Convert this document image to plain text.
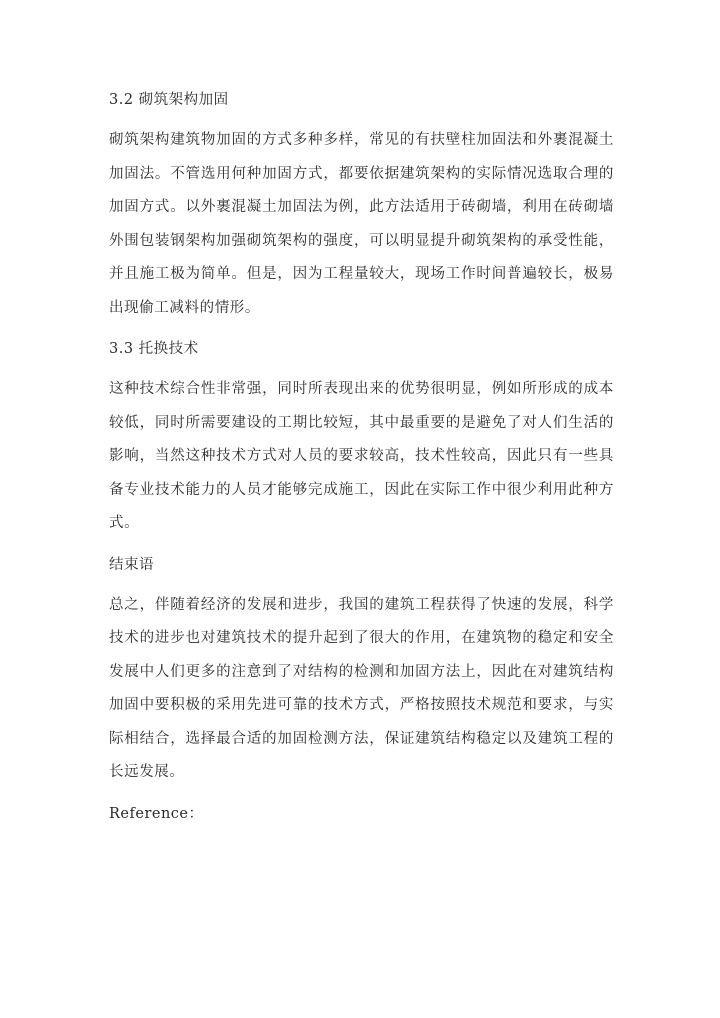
3.2 砌筑架构加固
砌筑架构建筑物加固的方式多种多样，常见的有扶壁柱加固法和外裹混凝土加固法。不管选用何种加固方式，都要依据建筑架构的实际情况选取合理的加固方式。以外裹混凝土加固法为例，此方法适用于砖砌墙，利用在砖砌墙外围包装钢架构加强砌筑架构的强度，可以明显提升砌筑架构的承受性能，并且施工极为简单。但是，因为工程量较大，现场工作时间普遍较长，极易出现偷工减料的情形。
3.3 托换技术
这种技术综合性非常强，同时所表现出来的优势很明显，例如所形成的成本较低，同时所需要建设的工期比较短，其中最重要的是避免了对人们生活的影响，当然这种技术方式对人员的要求较高，技术性较高，因此只有一些具备专业技术能力的人员才能够完成施工，因此在实际工作中很少利用此种方式。
结束语
总之，伴随着经济的发展和进步，我国的建筑工程获得了快速的发展，科学技术的进步也对建筑技术的提升起到了很大的作用，在建筑物的稳定和安全发展中人们更多的注意到了对结构的检测和加固方法上，因此在对建筑结构加固中要积极的采用先进可靠的技术方式，严格按照技术规范和要求，与实际相结合，选择最合适的加固检测方法，保证建筑结构稳定以及建筑工程的长远发展。
Reference：
